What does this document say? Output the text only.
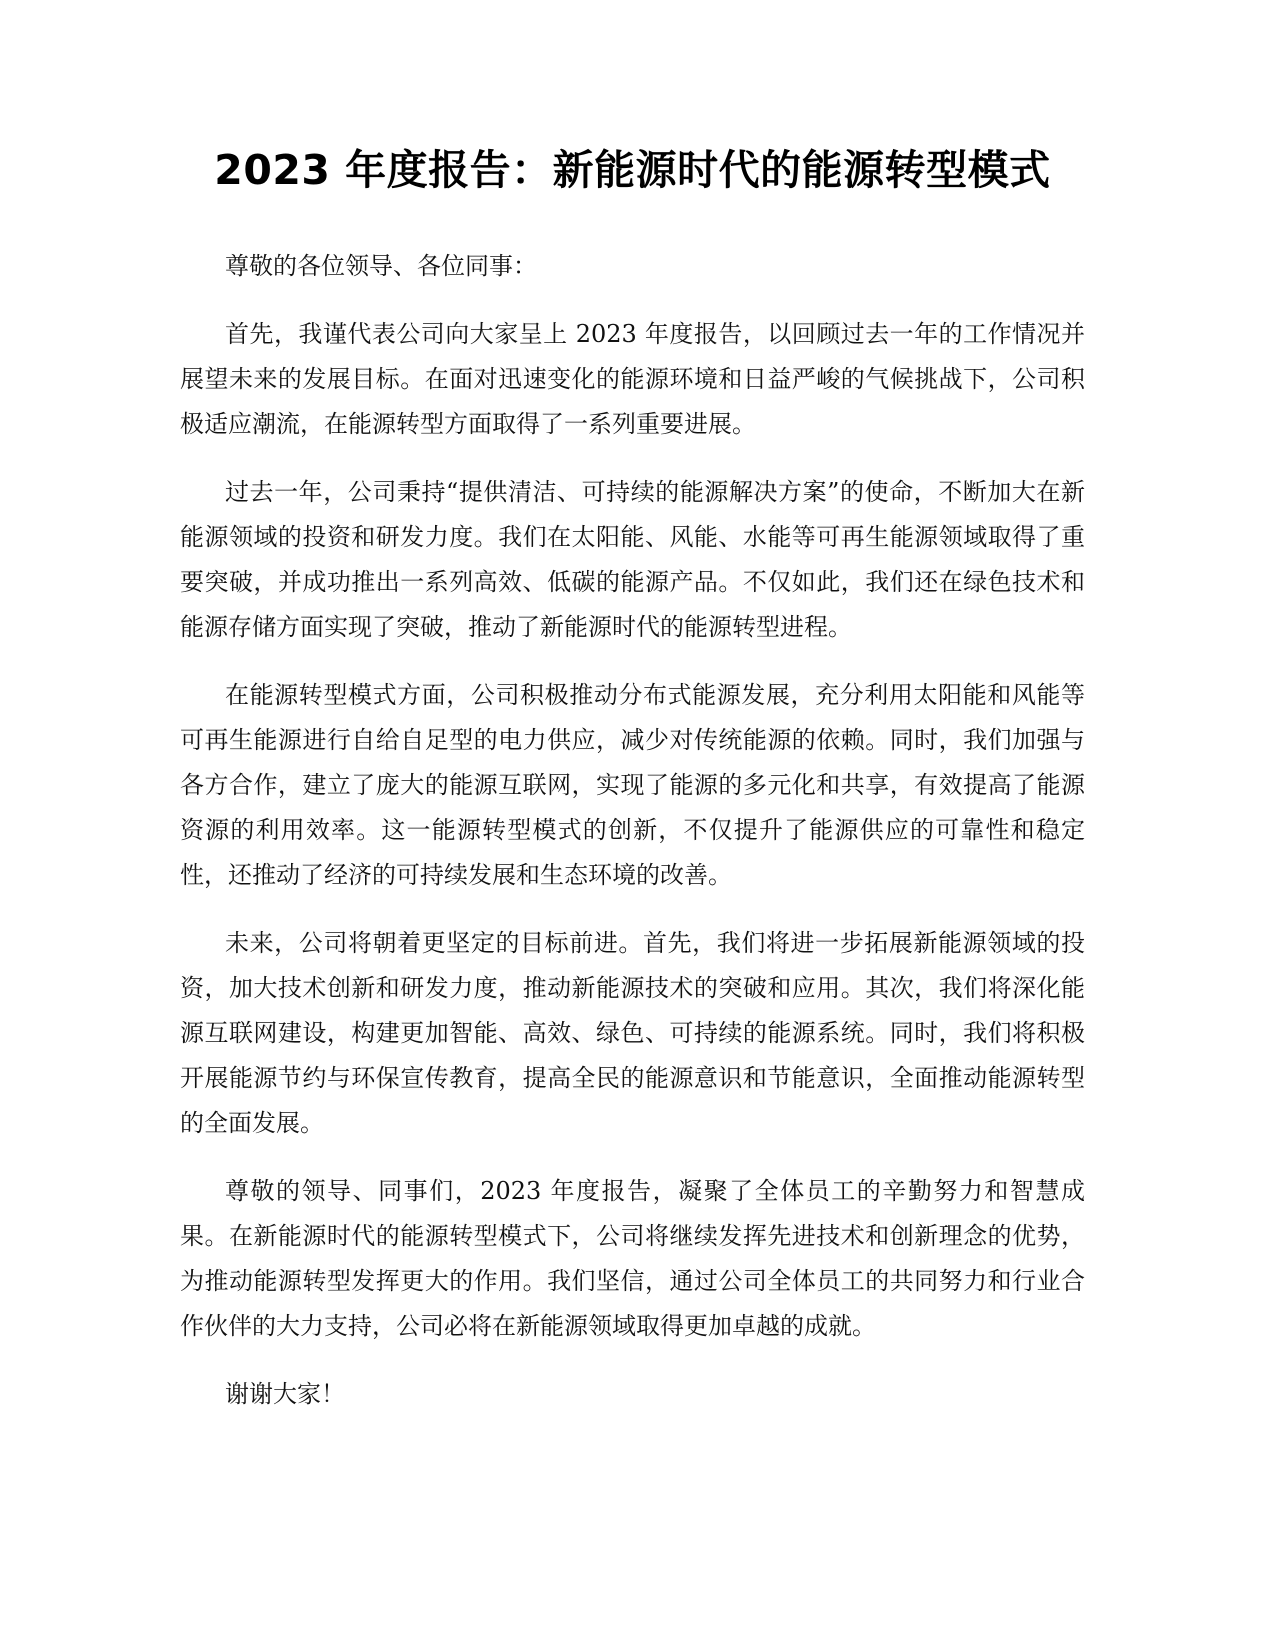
2023 年度报告：新能源时代的能源转型模式

尊敬的各位领导、各位同事：

首先，我谨代表公司向大家呈上 2023 年度报告，以回顾过去一年的工作情况并展望未来的发展目标。在面对迅速变化的能源环境和日益严峻的气候挑战下，公司积极适应潮流，在能源转型方面取得了一系列重要进展。

过去一年，公司秉持“提供清洁、可持续的能源解决方案”的使命，不断加大在新能源领域的投资和研发力度。我们在太阳能、风能、水能等可再生能源领域取得了重要突破，并成功推出一系列高效、低碳的能源产品。不仅如此，我们还在绿色技术和能源存储方面实现了突破，推动了新能源时代的能源转型进程。

在能源转型模式方面，公司积极推动分布式能源发展，充分利用太阳能和风能等可再生能源进行自给自足型的电力供应，减少对传统能源的依赖。同时，我们加强与各方合作，建立了庞大的能源互联网，实现了能源的多元化和共享，有效提高了能源资源的利用效率。这一能源转型模式的创新，不仅提升了能源供应的可靠性和稳定性，还推动了经济的可持续发展和生态环境的改善。

未来，公司将朝着更坚定的目标前进。首先，我们将进一步拓展新能源领域的投资，加大技术创新和研发力度，推动新能源技术的突破和应用。其次，我们将深化能源互联网建设，构建更加智能、高效、绿色、可持续的能源系统。同时，我们将积极开展能源节约与环保宣传教育，提高全民的能源意识和节能意识，全面推动能源转型的全面发展。

尊敬的领导、同事们，2023 年度报告，凝聚了全体员工的辛勤努力和智慧成果。在新能源时代的能源转型模式下，公司将继续发挥先进技术和创新理念的优势，为推动能源转型发挥更大的作用。我们坚信，通过公司全体员工的共同努力和行业合作伙伴的大力支持，公司必将在新能源领域取得更加卓越的成就。

谢谢大家！
